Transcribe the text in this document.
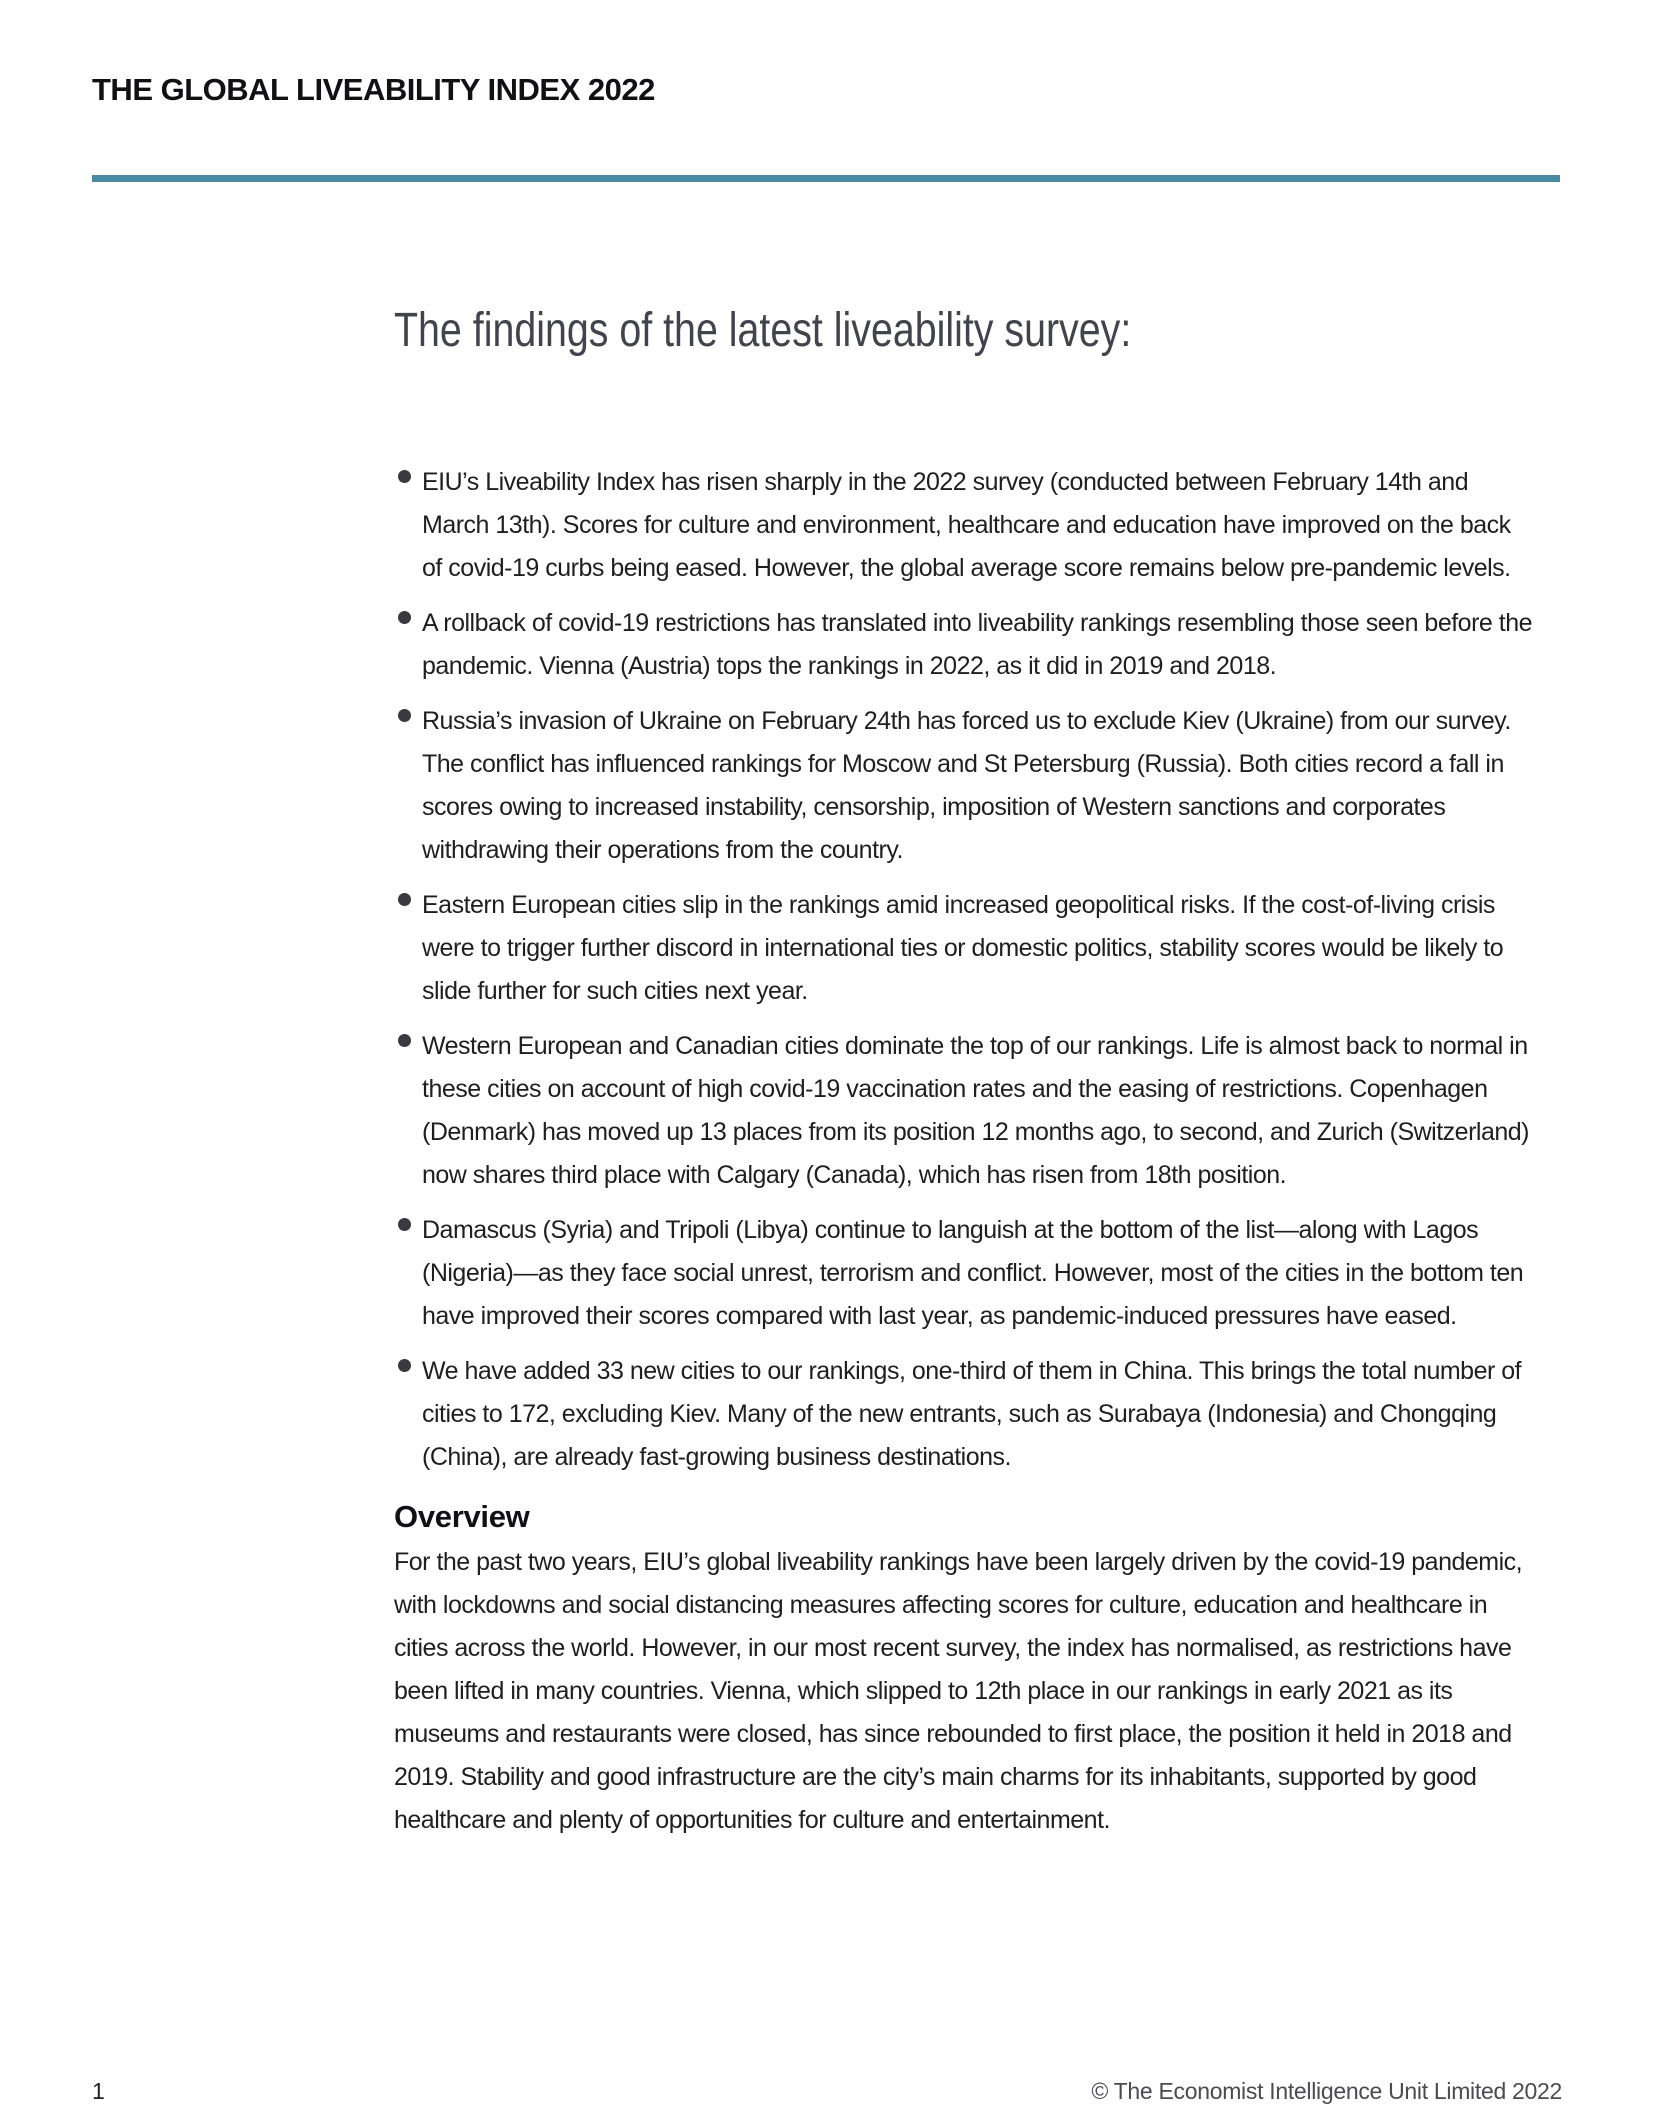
THE GLOBAL LIVEABILITY INDEX 2022
The findings of the latest liveability survey:
EIU’s Liveability Index has risen sharply in the 2022 survey (conducted between February 14th and March 13th). Scores for culture and environment, healthcare and education have improved on the back of covid-19 curbs being eased. However, the global average score remains below pre-pandemic levels.
A rollback of covid-19 restrictions has translated into liveability rankings resembling those seen before the pandemic. Vienna (Austria) tops the rankings in 2022, as it did in 2019 and 2018.
Russia’s invasion of Ukraine on February 24th has forced us to exclude Kiev (Ukraine) from our survey. The conflict has influenced rankings for Moscow and St Petersburg (Russia). Both cities record a fall in scores owing to increased instability, censorship, imposition of Western sanctions and corporates withdrawing their operations from the country.
Eastern European cities slip in the rankings amid increased geopolitical risks. If the cost-of-living crisis were to trigger further discord in international ties or domestic politics, stability scores would be likely to slide further for such cities next year.
Western European and Canadian cities dominate the top of our rankings. Life is almost back to normal in these cities on account of high covid-19 vaccination rates and the easing of restrictions. Copenhagen (Denmark) has moved up 13 places from its position 12 months ago, to second, and Zurich (Switzerland) now shares third place with Calgary (Canada), which has risen from 18th position.
Damascus (Syria) and Tripoli (Libya) continue to languish at the bottom of the list—along with Lagos (Nigeria)—as they face social unrest, terrorism and conflict. However, most of the cities in the bottom ten have improved their scores compared with last year, as pandemic-induced pressures have eased.
We have added 33 new cities to our rankings, one-third of them in China. This brings the total number of cities to 172, excluding Kiev. Many of the new entrants, such as Surabaya (Indonesia) and Chongqing (China), are already fast-growing business destinations.
Overview

For the past two years, EIU’s global liveability rankings have been largely driven by the covid-19 pandemic, with lockdowns and social distancing measures affecting scores for culture, education and healthcare in cities across the world. However, in our most recent survey, the index has normalised, as restrictions have been lifted in many countries. Vienna, which slipped to 12th place in our rankings in early 2021 as its museums and restaurants were closed, has since rebounded to first place, the position it held in 2018 and 2019. Stability and good infrastructure are the city’s main charms for its inhabitants, supported by good healthcare and plenty of opportunities for culture and entertainment.

1	© The Economist Intelligence Unit Limited 2022
